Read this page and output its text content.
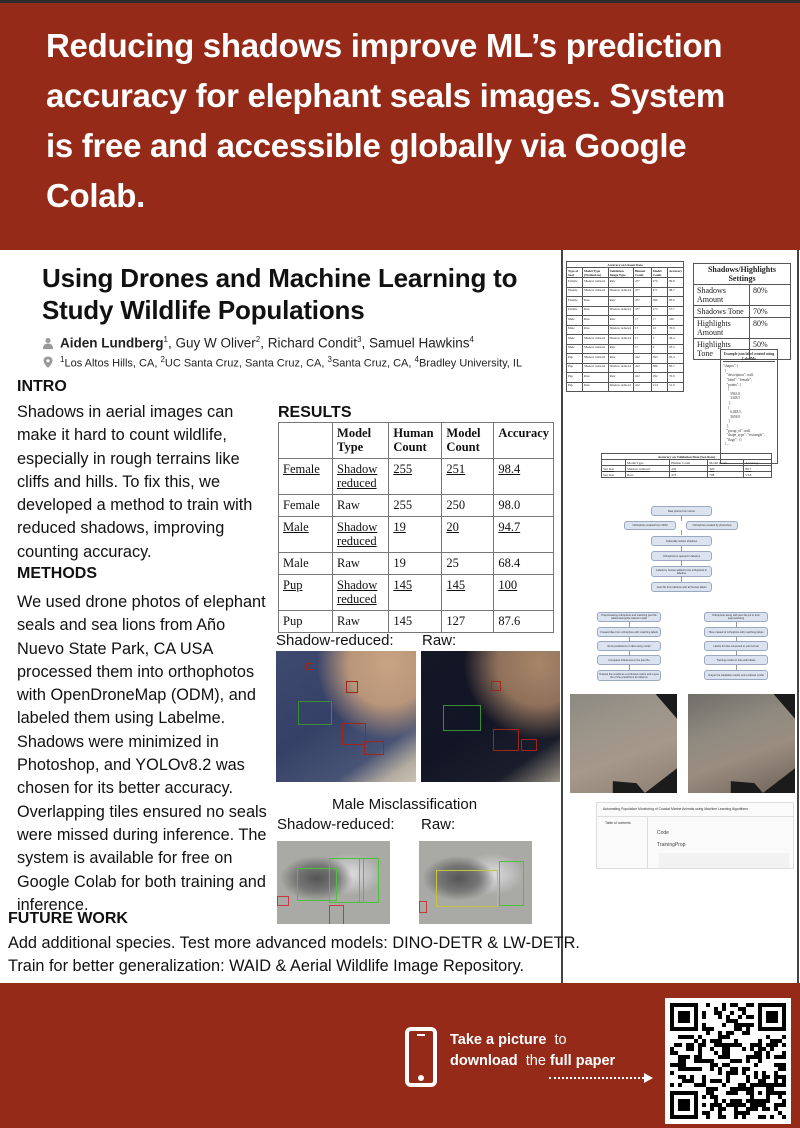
Reducing shadows improve ML’s prediction accuracy for elephant seals images. System is free and accessible globally via Google Colab.
Using Drones and Machine Learning to Study Wildlife Populations
Aiden Lundberg$^1$, Guy W Oliver$^2$, Richard Condit$^3$, Samuel Hawkins$^4$
$^1$Los Altos Hills, CA, $^2$UC Santa Cruz, Santa Cruz, CA, $^3$Santa Cruz, CA, $^4$Bradley University, IL
INTRO
Shadows in aerial images can make it hard to count wildlife, especially in rough terrains like cliffs and hills. To fix this, we developed a method to train with reduced shadows, improving counting accuracy.
METHODS
We used drone photos of elephant seals and sea lions from Año Nuevo State Park, CA USA processed them into orthophotos with OpenDroneMap (ODM), and labeled them using Labelme. Shadows were minimized in Photoshop, and YOLOv8.2 was chosen for its better accuracy. Overlapping tiles ensured no seals were missed during inference. The system is available for free on Google Colab for both training and inference.
FUTURE WORK
Add additional species. Test more advanced models: DINO-DETR & LW-DETR.
Train for better generalization: WAID & Aerial Wildlife Image Repository.
RESULTS
	Model Type	Human Count	Model Count	Accuracy
Female	Shadow reduced	255	251	98.4
Female	Raw	255	250	98.0
Male	Shadow reduced	19	20	94.7
Male	Raw	19	25	68.4
Pup	Shadow reduced	145	145	100
Pup	Raw	145	127	87.6
Shadow-reduced: Raw:
Male Misclassification
Shadow-reduced: Raw:
Accuracy on Unseen Data					
Type of Seal	Model Type (Trained on)	Validation Image Type	Human Count	Model Count	Accuracy
Female	Shadow reduced	Raw	477	470	99.8
Female	Shadow reduced	Shadow reduced	477	471	98.7
Female	Raw	Raw	477	396	83.0
Female	Raw	Shadow reduced	477	275	57.7
Male	Raw	Raw	17	17	100
Male	Raw	Shadow reduced	17	22	70.6
Male	Shadow reduced	Shadow reduced	17	5	29.4
Male	Shadow reduced	Raw	17	4	23.5
Pup	Shadow reduced	Raw	412	393	95.4
Pup	Shadow reduced	Shadow reduced	412	386	93.7
Pup	Raw	Raw	412	292	70.9
Pup	Raw	Shadow reduced	412	214	51.9
Shadows/Highlights Settings	
Shadows Amount	80%
Shadows Tone	70%
Highlights Amount	80%
Highlights Tone	50%
Example json label created using LabelMe
"shapes": [
{
"description": null,
"label": "female",
"points": [
[
5963.0,
3348.5
],
[
6,048.5,
3658.0
]
],
"group_id": null,
"shape_type": "rectangle",
"flags": {}
},...
Accuracy on Validation Data (Sea lions)				
	Model Type	Human Count	Model Count	Accuracy
Sea lion	Shadow reduced	432	326	86.7
Sea lion	Raw	473	708	53.8
Raw photos from drone
Orthophoto created from ODM	Orthophoto created by photoshop
Optionally reduce shadows
Orthophoto is opened in labelme
Labels by human added to the orthophoto in labelme
Json file from labelme with all human labels
Preprocessing orthophoto and matching json file added alongside trained model
Created tiles from orthophoto with matching labels
Runs predictions on tiles using model
Compares inferences to the json file
Outputs the results as a confusion matrix and a json file of the predictions for labelme
Orthophoto along with json file put in from preprocessing
Tiles created of orthophoto with matching labels
Labels for tiles converted to yolo format
Training model on tiles with labels
Output the validation results and a trained model
Automating Population Monitoring of Coastal Marine Animals using Machine Learning Algorithms
Table of contents
Code
TrainingProp
Take a picture to
download the full paper
